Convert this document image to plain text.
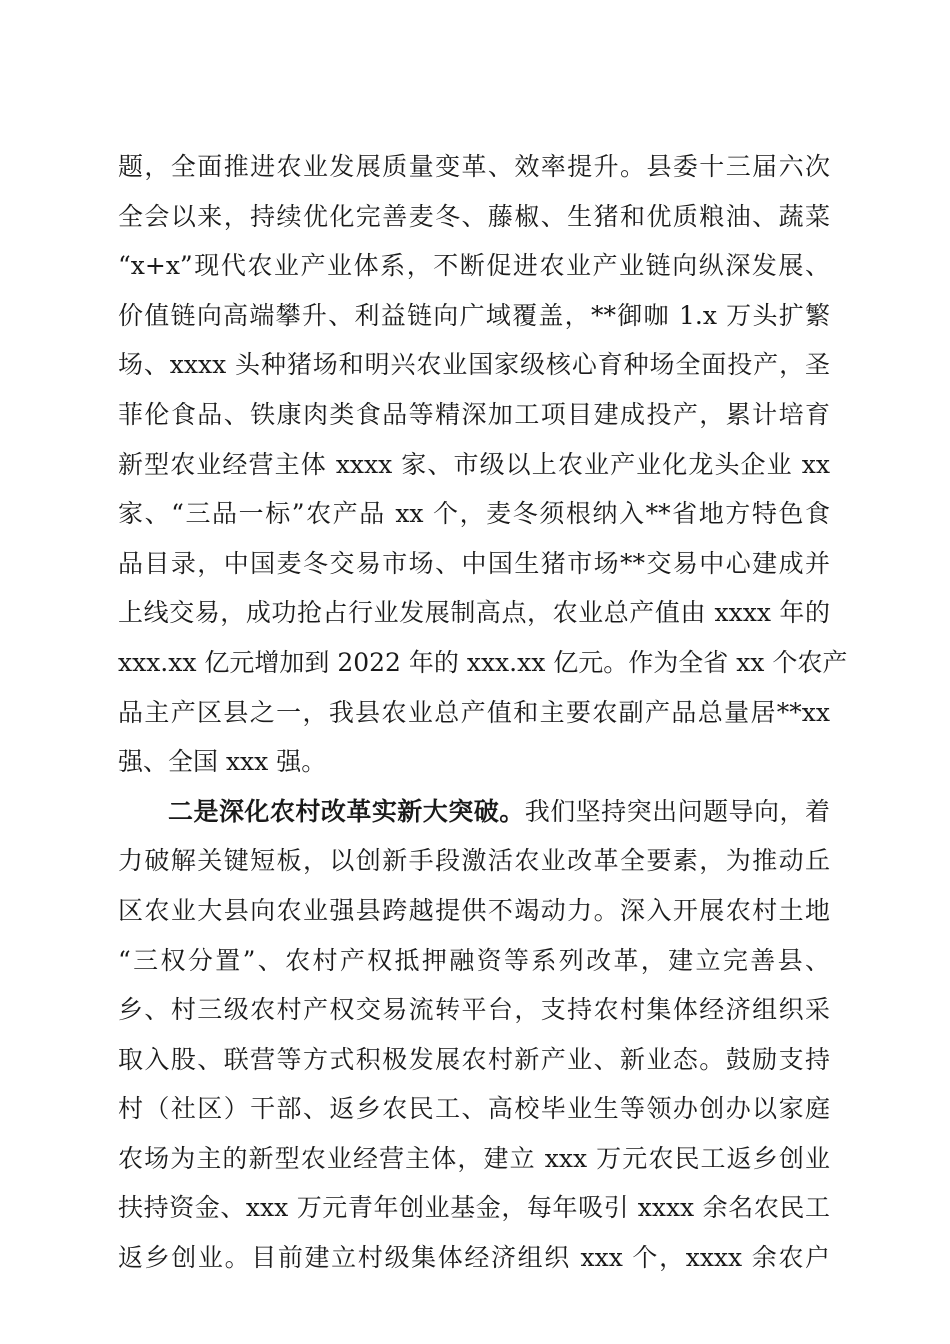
题，全面推进农业发展质量变革、效率提升。县委十三届六次
全会以来，持续优化完善麦冬、藤椒、生猪和优质粮油、蔬菜
“x+x”现代农业产业体系，不断促进农业产业链向纵深发展、
价值链向高端攀升、利益链向广域覆盖，**御咖 1.x 万头扩繁
场、xxxx 头种猪场和明兴农业国家级核心育种场全面投产，圣
菲伦食品、铁康肉类食品等精深加工项目建成投产，累计培育
新型农业经营主体 xxxx 家、市级以上农业产业化龙头企业 xx
家、“三品一标”农产品 xx 个，麦冬须根纳入**省地方特色食
品目录，中国麦冬交易市场、中国生猪市场**交易中心建成并
上线交易，成功抢占行业发展制高点，农业总产值由 xxxx 年的
xxx.xx 亿元增加到 2022 年的 xxx.xx 亿元。作为全省 xx 个农产
品主产区县之一，我县农业总产值和主要农副产品总量居**xx
强、全国 xxx 强。
二是深化农村改革实新大突破。我们坚持突出问题导向，着
力破解关键短板，以创新手段激活农业改革全要素，为推动丘
区农业大县向农业强县跨越提供不竭动力。深入开展农村土地
“三权分置”、农村产权抵押融资等系列改革，建立完善县、
乡、村三级农村产权交易流转平台，支持农村集体经济组织采
取入股、联营等方式积极发展农村新产业、新业态。鼓励支持
村（社区）干部、返乡农民工、高校毕业生等领办创办以家庭
农场为主的新型农业经营主体，建立 xxx 万元农民工返乡创业
扶持资金、xxx 万元青年创业基金，每年吸引 xxxx 余名农民工
返乡创业。目前建立村级集体经济组织 xxx 个，xxxx 余农户
